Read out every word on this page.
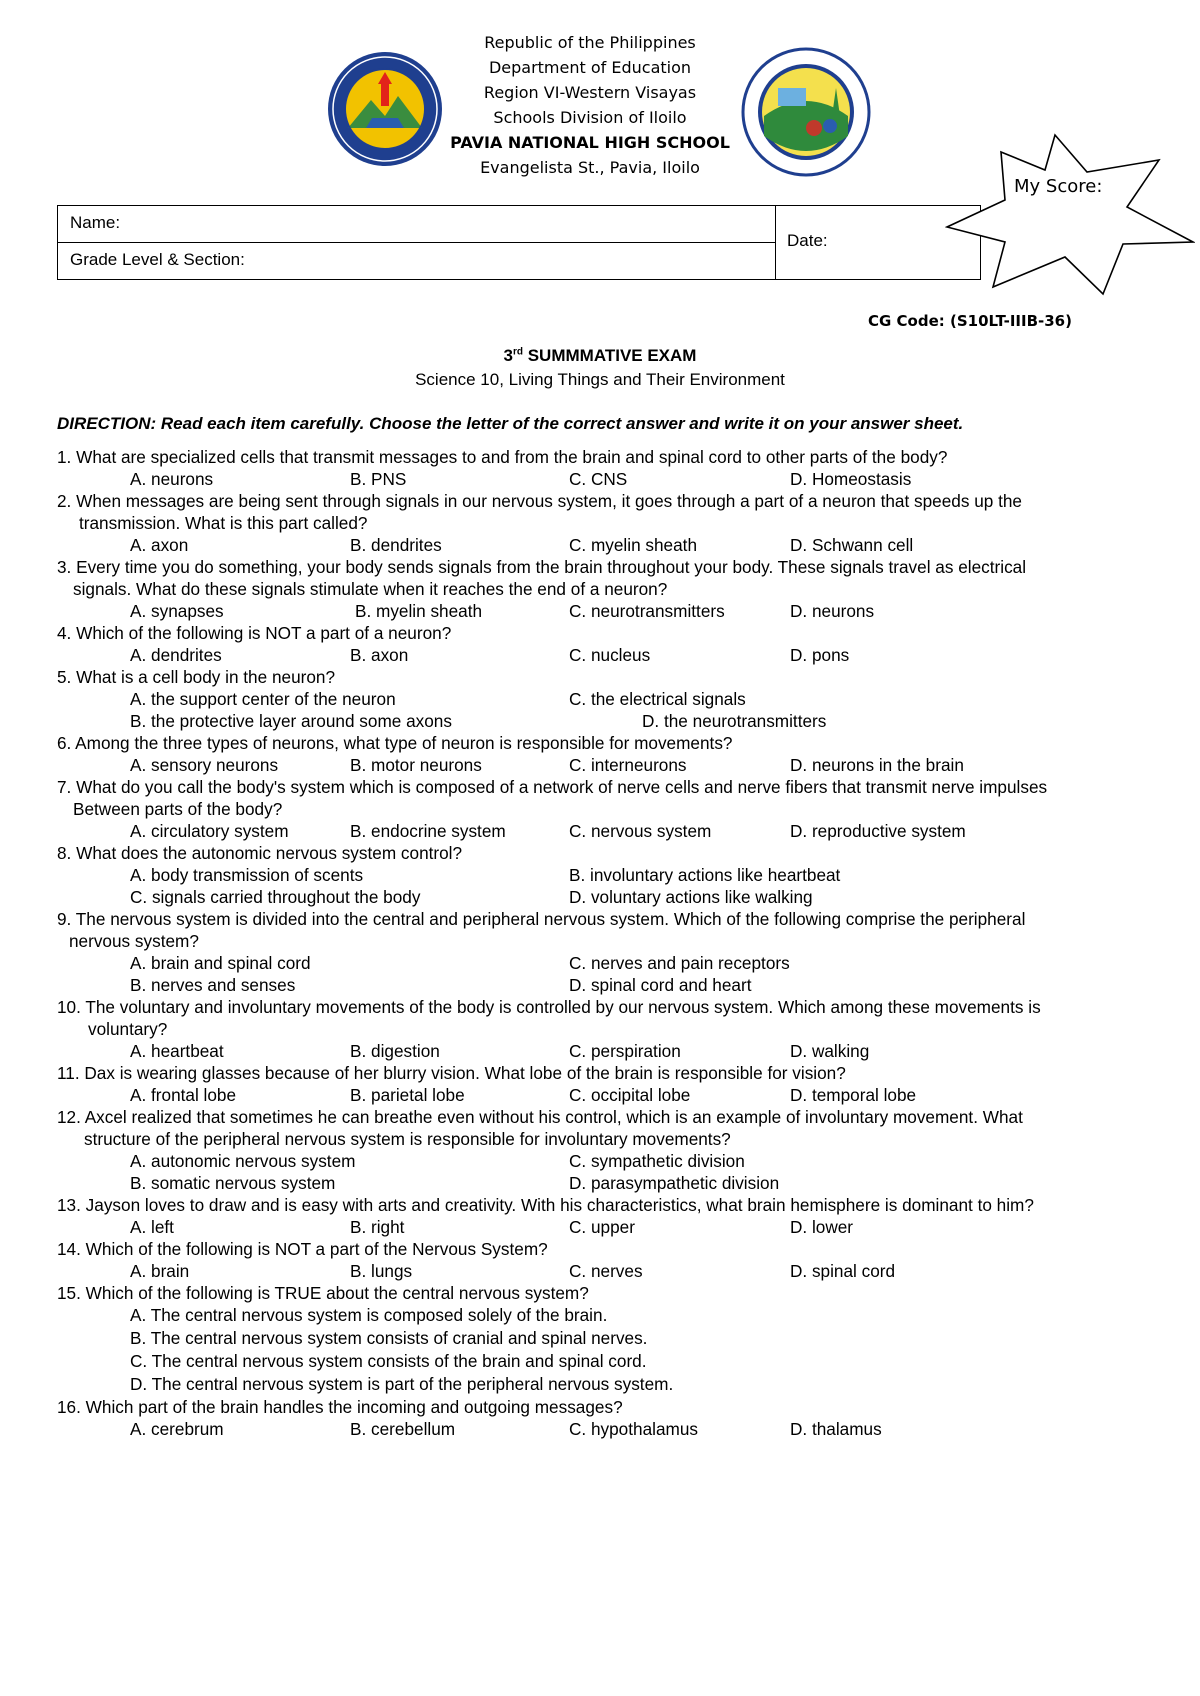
Republic of the Philippines
Department of Education
Region VI-Western Visayas
Schools Division of Iloilo
PAVIA NATIONAL HIGH SCHOOL
Evangelista St., Pavia, Iloilo
Name:
Grade Level & Section:
Date:
My Score:
CG Code: (S10LT-IIIB-36)
3rd SUMMMATIVE EXAM
Science 10, Living Things and Their Environment
DIRECTION: Read each item carefully. Choose the letter of the correct answer and write it on your answer sheet.
1. What are specialized cells that transmit messages to and from the brain and spinal cord to other parts of the body?
A. neurons	B. PNS	C. CNS	D. Homeostasis
2. When messages are being sent through signals in our nervous system, it goes through a part of a neuron that speeds up the
transmission. What is this part called?
A. axon	B. dendrites	C. myelin sheath	D. Schwann cell
3. Every time you do something, your body sends signals from the brain throughout your body. These signals travel as electrical
signals. What do these signals stimulate when it reaches the end of a neuron?
A. synapses	B. myelin sheath	C. neurotransmitters	D. neurons
4. Which of the following is NOT a part of a neuron?
A. dendrites	B. axon	C. nucleus	D. pons
5. What is a cell body in the neuron?
A. the support center of the neuron	C. the electrical signals
B. the protective layer around some axons	D. the neurotransmitters
6. Among the three types of neurons, what type of neuron is responsible for movements?
A. sensory neurons	B. motor neurons	C. interneurons	D. neurons in the brain
7. What do you call the body's system which is composed of a network of nerve cells and nerve fibers that transmit nerve impulses
Between parts of the body?
A. circulatory system	B. endocrine system	C. nervous system	D. reproductive system
8. What does the autonomic nervous system control?
A. body transmission of scents	B. involuntary actions like heartbeat
C. signals carried throughout the body	D. voluntary actions like walking
9. The nervous system is divided into the central and peripheral nervous system. Which of the following comprise the peripheral
nervous system?
A. brain and spinal cord	C. nerves and pain receptors
B. nerves and senses	D. spinal cord and heart
10. The voluntary and involuntary movements of the body is controlled by our nervous system. Which among these movements is
voluntary?
A. heartbeat	B. digestion	C. perspiration	D. walking
11. Dax is wearing glasses because of her blurry vision. What lobe of the brain is responsible for vision?
A. frontal lobe	B. parietal lobe	C. occipital lobe	D. temporal lobe
12. Axcel realized that sometimes he can breathe even without his control, which is an example of involuntary movement. What
structure of the peripheral nervous system is responsible for involuntary movements?
A. autonomic nervous system	C. sympathetic division
B. somatic nervous system	D. parasympathetic division
13. Jayson loves to draw and is easy with arts and creativity. With his characteristics, what brain hemisphere is dominant to him?
A. left	B. right	C. upper	D. lower
14. Which of the following is NOT a part of the Nervous System?
A. brain	B. lungs	C. nerves	D. spinal cord
15. Which of the following is TRUE about the central nervous system?
A. The central nervous system is composed solely of the brain.
B. The central nervous system consists of cranial and spinal nerves.
C. The central nervous system consists of the brain and spinal cord.
D. The central nervous system is part of the peripheral nervous system.
16. Which part of the brain handles the incoming and outgoing messages?
A. cerebrum	B. cerebellum	C. hypothalamus	D. thalamus
